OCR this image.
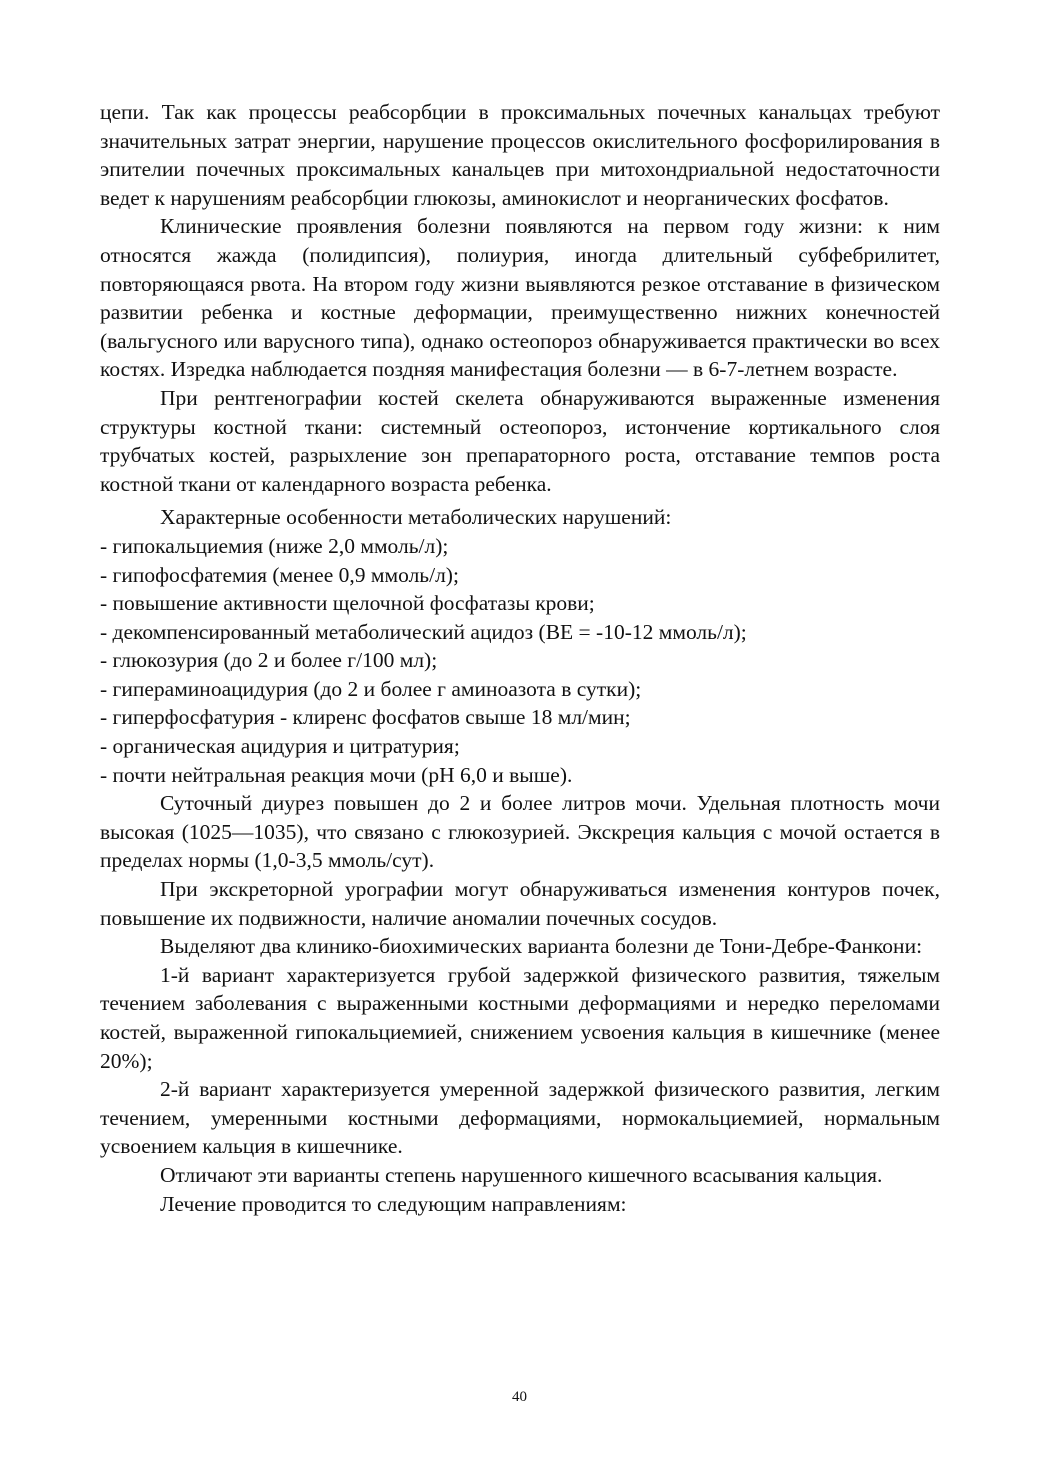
цепи. Так как процессы реабсорбции в проксимальных почечных канальцах требуют значительных затрат энергии, нарушение процессов окислительного фосфорилирования в эпителии почечных проксимальных канальцев при митохондриальной недостаточности ведет к нарушениям реабсорбции глюкозы, аминокислот и неорганических фосфатов.

Клинические проявления болезни появляются на первом году жизни: к ним относятся жажда (полидипсия), полиурия, иногда длительный субфебрилитет, повторяющаяся рвота. На втором году жизни выявляются резкое отставание в физическом развитии ребенка и костные деформации, преимущественно нижних конечностей (вальгусного или варусного типа), однако остеопороз обнаруживается практически во всех костях. Изредка наблюдается поздняя манифестация болезни — в 6-7-летнем возрасте.

При рентгенографии костей скелета обнаруживаются выраженные изменения структуры костной ткани: системный остеопороз, истончение кортикального слоя трубчатых костей, разрыхление зон препараторного роста, отставание темпов роста костной ткани от календарного возраста ребенка.

Характерные особенности метаболических нарушений:

- гипокальциемия (ниже 2,0 ммоль/л);

- гипофосфатемия (менее 0,9 ммоль/л);

- повышение активности щелочной фосфатазы крови;

- декомпенсированный метаболический ацидоз (BE = -10-12 ммоль/л);

- глюкозурия (до 2 и более г/100 мл);

- гипераминоацидурия (до 2 и более г аминоазота в сутки);

- гиперфосфатурия - клиренс фосфатов свыше 18 мл/мин;

- органическая ацидурия и цитратурия;

- почти нейтральная реакция мочи (pH 6,0 и выше).

Суточный диурез повышен до 2 и более литров мочи. Удельная плотность мочи высокая (1025—1035), что связано с глюкозурией. Экскреция кальция с мочой остается в пределах нормы (1,0-3,5 ммоль/сут).

При экскреторной урографии могут обнаруживаться изменения контуров почек, повышение их подвижности, наличие аномалии почечных сосудов.

Выделяют два клинико-биохимических варианта болезни де Тони-Дебре-Фанкони:

1-й вариант характеризуется грубой задержкой физического развития, тяжелым течением заболевания с выраженными костными деформациями и нередко переломами костей, выраженной гипокальциемией, снижением усвоения кальция в кишечнике (менее 20%);

2-й вариант характеризуется умеренной задержкой физического развития, легким течением, умеренными костными деформациями, нормокальциемией, нормальным усвоением кальция в кишечнике.

Отличают эти варианты степень нарушенного кишечного всасывания кальция.

Лечение проводится то следующим направлениям:

40
